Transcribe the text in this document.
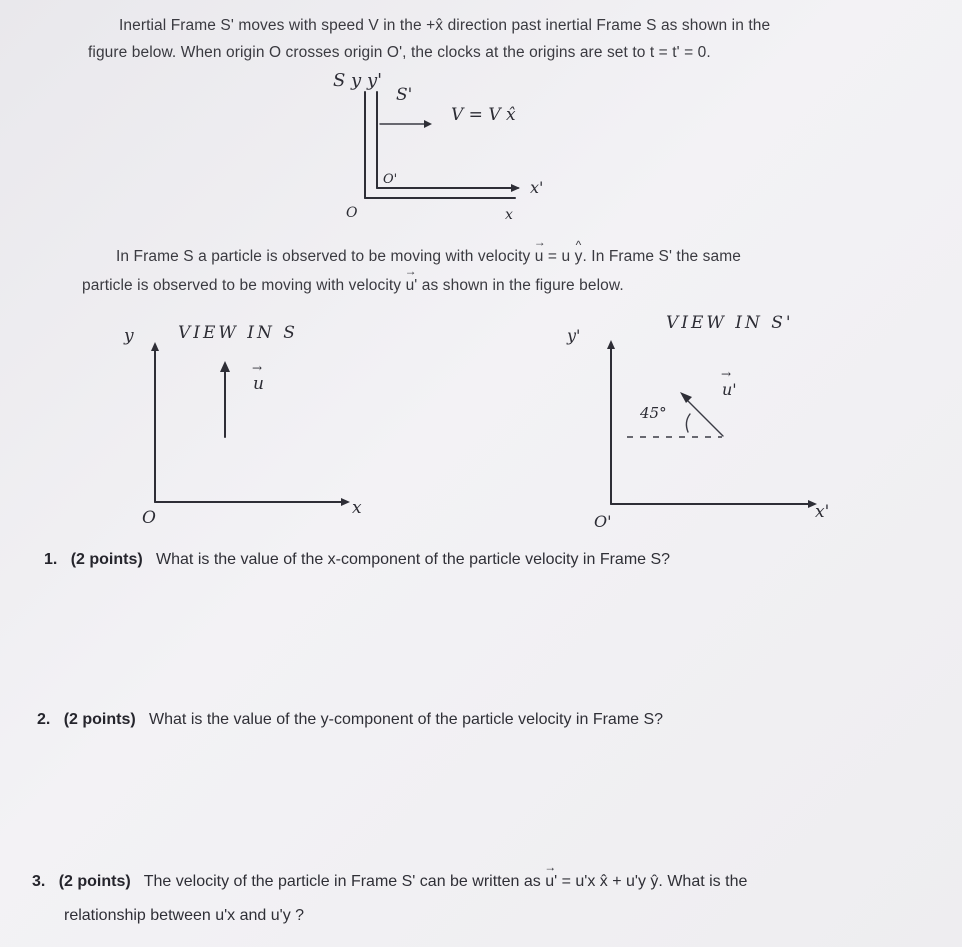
Inertial Frame S' moves with speed V in the +x̂ direction past inertial Frame S as shown in the
figure below. When origin O crosses origin O', the clocks at the origins are set to t = t' = 0.
S y y'
S'
V = V x̂
O'	x'
O	x
In Frame S a particle is observed to be moving with velocity → u = u ^ y. In Frame S' the same
particle is observed to be moving with velocity → u' as shown in the figure below.
y	VIEW IN S
→ u
O	x
y'
VIEW IN S'
→ u'
45°
O'	x'
1. (2 points) What is the value of the x-component of the particle velocity in Frame S?
2. (2 points) What is the value of the y-component of the particle velocity in Frame S?
3. (2 points) The velocity of the particle in Frame S' can be written as → u' = u'x x̂ + u'y ŷ. What is the
relationship between u'x and u'y ?
